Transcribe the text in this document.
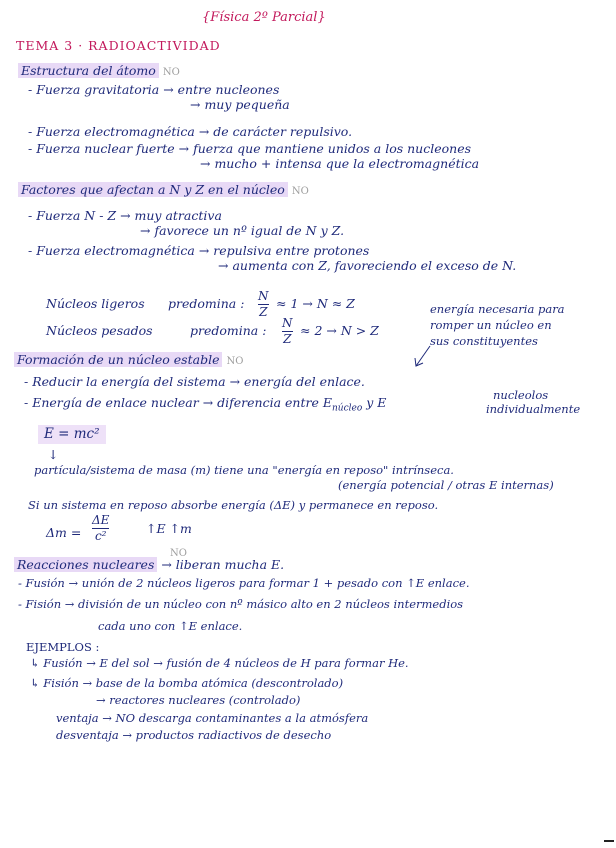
{Física 2º Parcial}
TEMA 3 · RADIOACTIVIDAD
Estructura del átomo NO
- Fuerza gravitatoria → entre nucleones
→ muy pequeña
- Fuerza electromagnética → de carácter repulsivo.
- Fuerza nuclear fuerte → fuerza que mantiene unidos a los nucleones
→ mucho + intensa que la electromagnética
Factores que afectan a N y Z en el núcleo NO
- Fuerza N - Z → muy atractiva
→ favorece un nº igual de N y Z.
- Fuerza electromagnética → repulsiva entre protones
→ aumenta con Z, favoreciendo el exceso de N.
Núcleos ligeros predomina : N
Z
≈ 1 → N ≈ Z
Núcleos pesados	predomina : N
Z
≈ 2 → N > Z
energía necesaria para
romper un núcleo en
sus constituyentes
Formación de un núcleo estable NO
- Reducir la energía del sistema → energía del enlace.
- Energía de enlace nuclear → diferencia entre $E_{núcleo}$ y E	nucleolos
individualmente
E = mc²
↓
partícula/sistema de masa (m) tiene una "energía en reposo" intrínseca.
(energía potencial / otras E internas)
Si un sistema en reposo absorbe energía (ΔE) y permanece en reposo.
Δm =
ΔE
c²	↑E ↑m
NO
Reacciones nucleares → liberan mucha E.
- Fusión → unión de 2 núcleos ligeros para formar 1 + pesado con ↑E enlace.
- Fisión → división de un núcleo con nº másico alto en 2 núcleos intermedios
cada uno con ↑E enlace.
EJEMPLOS :
↳ Fusión → E del sol → fusión de 4 núcleos de H para formar He.
↳ Fisión → base de la bomba atómica (descontrolado)
→ reactores nucleares (controlado)
ventaja → NO descarga contaminantes a la atmósfera
desventaja → productos radiactivos de desecho
